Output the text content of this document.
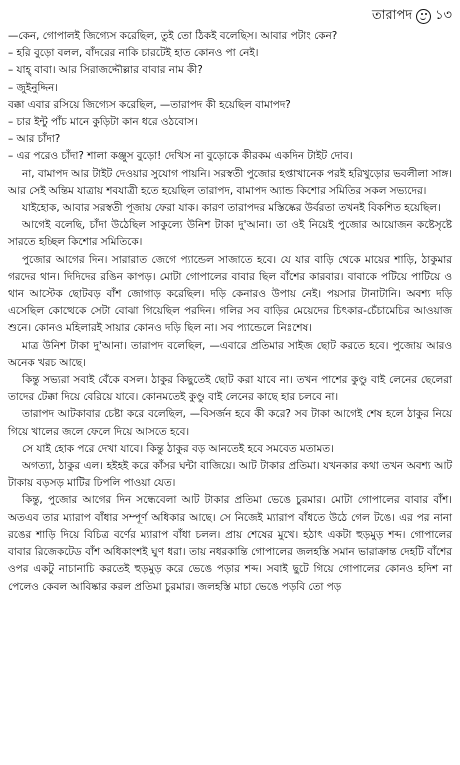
তারাপদ ১৩

—কেন, গোপালই জিগ্যেস করেছিল, তুই তো ঠিকই বলেছিস। আবার পটাং কেন?

– হরি বুড়ো বলল, বাঁদরের নাকি চারটেই হাত কোনও পা নেই।

– যাহ্ বাবা। আর সিরাজদ্দৌল্লার বাবার নাম কী?

– জুইনুদ্দিন।

বক্কা এবার রসিয়ে জিগ্যেস করেছিল, —তারাপদ কী হয়েছিল বামাপদ?

– চার ইন্টু পাঁচ মানে কুড়িটা কান ধরে ওঠবোস।

– আর চাঁদা?

– এর পরেও চাঁদা? শালা কঞ্জুস বুড়ো! দেখিস না বুড়োকে কীরকম একদিন টাইট দোব।

না, বামাপদ আর টাইট দেওয়ার সুযোগ পায়নি। সরস্বতী পুজোর হপ্তাখানেক পরই হরিখুড়োর ভবলীলা সাঙ্গ। আর সেই অন্তিম যাত্রায় শবযাত্রী হতে হয়েছিল তারাপদ, বামাপদ অ্যান্ড কিশোর সমিতির সকল সভ্যদের।

যাইহোক, আবার সরস্বতী পূজায় ফেরা যাক। কারণ তারাপদর মস্তিষ্কের উর্বরতা তখনই বিকশিত হয়েছিল।

আগেই বলেছি, চাঁদা উঠেছিল সাকুল্যে উনিশ টাকা দু'আনা। তা ওই নিয়েই পুজোর আয়োজন কষ্টেসৃষ্টে সারতে হচ্ছিল কিশোর সমিতিকে।

পুজোর আগের দিন। সারারাত জেগে প্যান্ডেল সাজাতে হবে। যে যার বাড়ি থেকে মায়ের শাড়ি, ঠাকুমার গরদের থান। দিদিদের রঙিন কাপড়। মোটা গোপালের বাবার ছিল বাঁশের কারবার। বাবাকে পটিয়ে পাটিয়ে ও থান আস্টেক ছোটবড় বাঁশ জোগাড় করেছিল। দড়ি কেনারও উপায় নেই। পয়সার টানাটানি। অবশ্য দড়ি এসেছিল কোত্থেকে সেটা বোঝা গিয়েছিল পরদিন। গলির সব বাড়ির মেয়েদের চিৎকার-চেঁচামেচির আওয়াজ শুনে। কোনও মহিলারই সায়ার কোনও দড়ি ছিল না। সব প্যান্ডেলে নিঃশেষ।

মাত্র উনিশ টাকা দু'আনা। তারাপদ বলেছিল, —এবারে প্রতিমার সাইজ ছোট করতে হবে। পুজোয় আরও অনেক খরচ আছে।

কিন্তু সভ্যরা সবাই বেঁকে বসল। ঠাকুর কিছুতেই ছোট করা যাবে না। তখন পাশের কুণ্ডু বাই লেনের ছেলেরা তাদের টেক্কা দিয়ে বেরিয়ে যাবে। কোনমতেই কুণ্ডু বাই লেনের কাছে হার চলবে না।

তারাপদ আটকাবার চেষ্টা করে বলেছিল, —বিসর্জন হবে কী করে? সব টাকা আগেই শেষ হলে ঠাকুর নিয়ে গিয়ে খালের জলে ফেলে দিয়ে আসতে হবে।

সে যাই হোক পরে দেখা যাবে। কিন্তু ঠাকুর বড় আনতেই হবে সমবেত মতামত।

অগত্যা, ঠাকুর এল। হইহই করে কাঁসর ঘন্টা বাজিয়ে। আট টাকার প্রতিমা। যখনকার কথা তখন অবশ্য আট টাকায় বড়সড় মাটির ঢিপলি পাওয়া যেত।

কিন্তু, পুজোর আগের দিন সন্ধেবেলা আট টাকার প্রতিমা ভেঙে চুরমার। মোটা গোপালের বাবার বাঁশ। অতএব তার ম্যারাপ বাঁধার সম্পূর্ণ অধিকার আছে। সে নিজেই ম্যারাপ বাঁধতে উঠে গেল টঙে। এর পর নানা রঙের শাড়ি দিয়ে বিচিত্র বর্ণের ম্যারাপ বাঁধা চলল। প্রায় শেষের মুখে। হঠাৎ একটা হুড়মুড় শব্দ। গোপালের বাবার রিজেকটেড বাঁশ অধিকাংশই ঘুণ ধরা। তায় নধরকান্তি গোপালের জলহস্তি সমান ভারাক্রান্ত দেহটি বাঁশের ওপর একটু নাচানাচি করতেই হুড়মুড় করে ভেঙে পড়ার শব্দ। সবাই ছুটে গিয়ে গোপালের কোনও হদিশ না পেলেও কেবল আবিষ্কার করল প্রতিমা চুরমার। জলহস্তি মাচা ভেঙে পড়বি তো পড়
